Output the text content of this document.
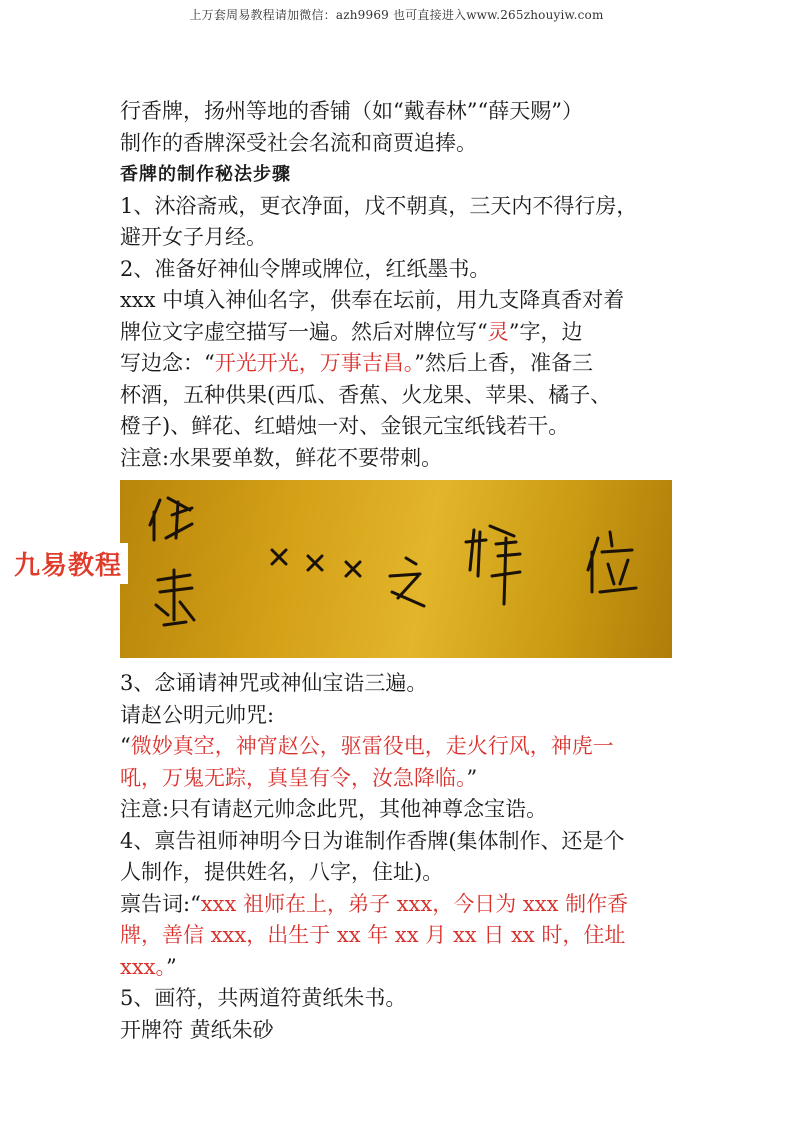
上万套周易教程请加微信：azh9969 也可直接进入www.265zhouyiw.com

行香牌，扬州等地的香铺（如“戴春林”“薛天赐”）

制作的香牌深受社会名流和商贾追捧。

香牌的制作秘法步骤

1、沐浴斋戒，更衣净面，戊不朝真，三天内不得行房，

避开女子月经。

2、准备好神仙令牌或牌位，红纸墨书。

xxx 中填入神仙名字，供奉在坛前，用九支降真香对着

牌位文字虚空描写一遍。然后对牌位写“灵”字，边

写边念：“开光开光，万事吉昌。”然后上香，准备三

杯酒，五种供果(西瓜、香蕉、火龙果、苹果、橘子、

橙子)、鲜花、红蜡烛一对、金银元宝纸钱若干。

注意:水果要单数，鲜花不要带刺。

3、念诵请神咒或神仙宝诰三遍。

请赵公明元帅咒:

“微妙真空，神宵赵公，驱雷役电，走火行风，神虎一

吼，万鬼无踪，真皇有令，汝急降临。”

注意:只有请赵元帅念此咒，其他神尊念宝诰。

4、禀告祖师神明今日为谁制作香牌(集体制作、还是个

人制作，提供姓名，八字，住址)。

禀告词:“xxx 祖师在上，弟子 xxx，今日为 xxx 制作香

牌，善信 xxx，出生于 xx 年 xx 月 xx 日 xx 时，住址

xxx。”

5、画符，共两道符黄纸朱书。

开牌符 黄纸朱砂

九易教程
